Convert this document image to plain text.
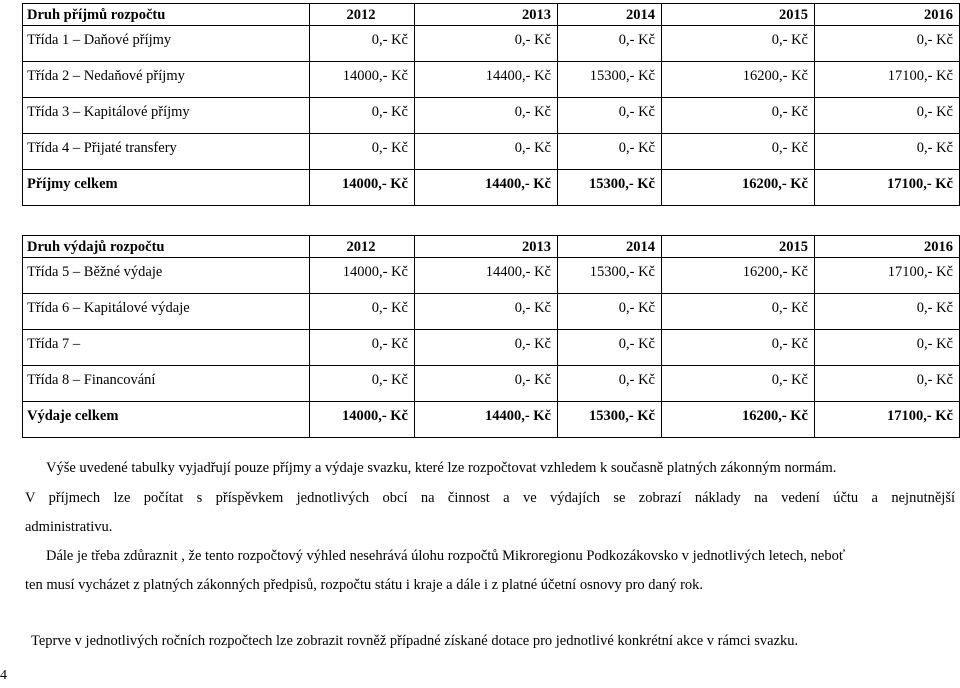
Druh příjmů rozpočtu	2012	2013	2014	2015	2016
Třída 1 – Daňové příjmy	0,- Kč	0,- Kč	0,- Kč	0,- Kč	0,- Kč
Třída 2 – Nedaňové příjmy	14000,- Kč	14400,- Kč	15300,- Kč	16200,- Kč	17100,- Kč
Třída 3 – Kapitálové příjmy	0,- Kč	0,- Kč	0,- Kč	0,- Kč	0,- Kč
Třída 4 – Přijaté transfery	0,- Kč	0,- Kč	0,- Kč	0,- Kč	0,- Kč
Příjmy celkem	14000,- Kč	14400,- Kč	15300,- Kč	16200,- Kč	17100,- Kč
Druh výdajů rozpočtu	2012	2013	2014	2015	2016
Třída 5 – Běžné výdaje	14000,- Kč	14400,- Kč	15300,- Kč	16200,- Kč	17100,- Kč
Třída 6 – Kapitálové výdaje	0,- Kč	0,- Kč	0,- Kč	0,- Kč	0,- Kč
Třída 7 –	0,- Kč	0,- Kč	0,- Kč	0,- Kč	0,- Kč
Třída 8 – Financování	0,- Kč	0,- Kč	0,- Kč	0,- Kč	0,- Kč
Výdaje celkem	14000,- Kč	14400,- Kč	15300,- Kč	16200,- Kč	17100,- Kč
Výše uvedené tabulky vyjadřují pouze příjmy a výdaje svazku, které lze rozpočtovat vzhledem k současně platných zákonným normám.
V příjmech lze počítat s příspěvkem jednotlivých obcí na činnost a ve výdajích se zobrazí náklady na vedení účtu a nejnutnější
administrativu.
Dále je třeba zdůraznit , že tento rozpočtový výhled nesehrává úlohu rozpočtů Mikroregionu Podkozákovsko v jednotlivých letech, neboť
ten musí vycházet z platných zákonných předpisů, rozpočtu státu i kraje a dále i z platné účetní osnovy pro daný rok.
Teprve v jednotlivých ročních rozpočtech lze zobrazit rovněž případné získané dotace pro jednotlivé konkrétní akce v rámci svazku.
4
